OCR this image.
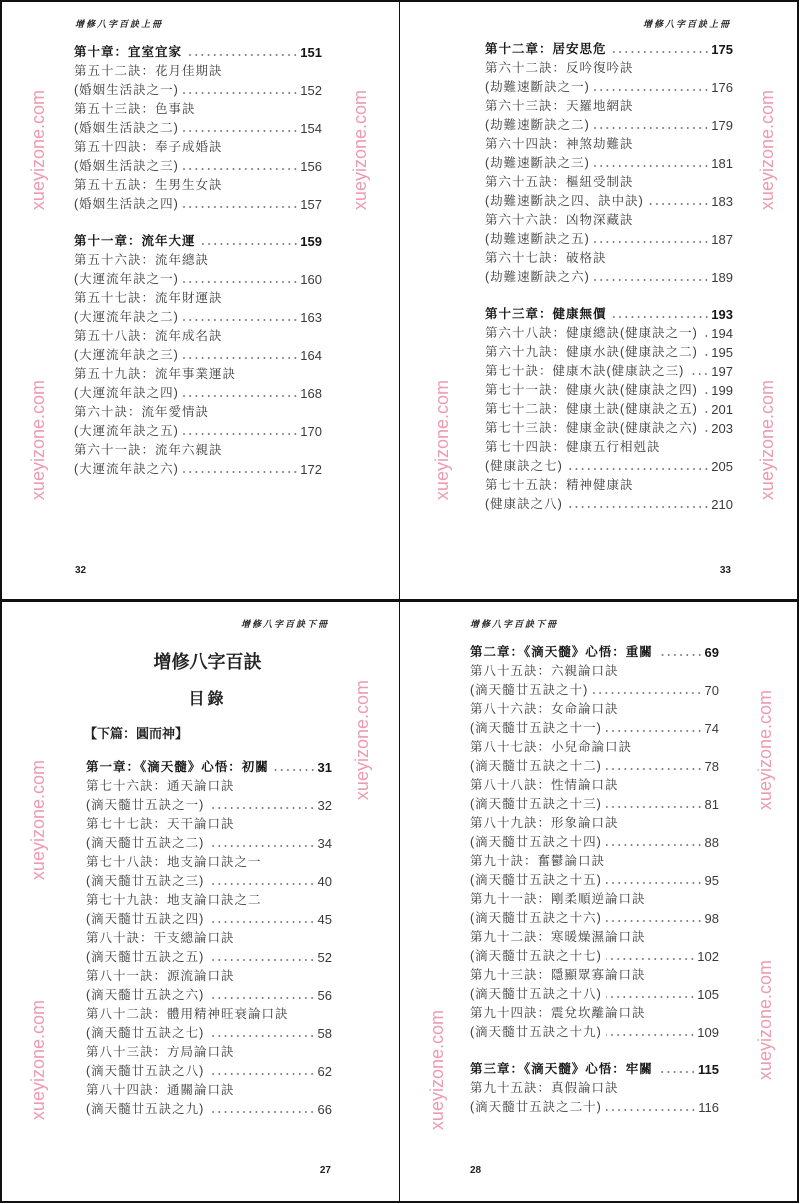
增修八字百訣上冊
第十章：宜室宜家	151
第五十二訣：花月佳期訣
(婚姻生活訣之一)	152
第五十三訣：色事訣
(婚姻生活訣之二)	154
第五十四訣：奉子成婚訣
(婚姻生活訣之三)	156
第五十五訣：生男生女訣
(婚姻生活訣之四)	157
第十一章：流年大運	159
第五十六訣：流年總訣
(大運流年訣之一)	160
第五十七訣：流年財運訣
(大運流年訣之二)	163
第五十八訣：流年成名訣
(大運流年訣之三)	164
第五十九訣：流年事業運訣
(大運流年訣之四)	168
第六十訣：流年愛情訣
(大運流年訣之五)	170
第六十一訣：流年六親訣
(大運流年訣之六)	172
32
增修八字百訣上冊
第十二章：居安思危	175
第六十二訣：反吟復吟訣
(劫難速斷訣之一)	176
第六十三訣：天羅地網訣
(劫難速斷訣之二)	179
第六十四訣：神煞劫難訣
(劫難速斷訣之三)	181
第六十五訣：樞紐受制訣
(劫難速斷訣之四、訣中訣)	183
第六十六訣：凶物深藏訣
(劫難速斷訣之五)	187
第六十七訣：破格訣
(劫難速斷訣之六)	189
第十三章：健康無價	193
第六十八訣：健康總訣(健康訣之一) 194
第六十九訣：健康水訣(健康訣之二) 195
第七十訣：健康木訣(健康訣之三) 197
第七十一訣：健康火訣(健康訣之四) 199
第七十二訣：健康土訣(健康訣之五) 201
第七十三訣：健康金訣(健康訣之六) 203
第七十四訣：健康五行相剋訣
(健康訣之七)	205
第七十五訣：精神健康訣
(健康訣之八)	210
33
增修八字百訣下冊
增修八字百訣
目錄
【下篇：圓而神】
第一章：《滴天髓》心悟：初關	31
第七十六訣：通天論口訣
(滴天髓廿五訣之一)	32
第七十七訣：天干論口訣
(滴天髓廿五訣之二)	34
第七十八訣：地支論口訣之一
(滴天髓廿五訣之三)	40
第七十九訣：地支論口訣之二
(滴天髓廿五訣之四)	45
第八十訣：干支總論口訣
(滴天髓廿五訣之五)	52
第八十一訣：源流論口訣
(滴天髓廿五訣之六)	56
第八十二訣：體用精神旺衰論口訣
(滴天髓廿五訣之七)	58
第八十三訣：方局論口訣
(滴天髓廿五訣之八)	62
第八十四訣：通關論口訣
(滴天髓廿五訣之九)	66
27
增修八字百訣下冊
第二章：《滴天髓》心悟：重關	69
第八十五訣：六親論口訣
(滴天髓廿五訣之十)	70
第八十六訣：女命論口訣
(滴天髓廿五訣之十一)	74
第八十七訣：小兒命論口訣
(滴天髓廿五訣之十二)	78
第八十八訣：性情論口訣
(滴天髓廿五訣之十三)	81
第八十九訣：形象論口訣
(滴天髓廿五訣之十四)	88
第九十訣：奮鬱論口訣
(滴天髓廿五訣之十五)	95
第九十一訣：剛柔順逆論口訣
(滴天髓廿五訣之十六)	98
第九十二訣：寒暖燥濕論口訣
(滴天髓廿五訣之十七)	102
第九十三訣：隱顯眾寡論口訣
(滴天髓廿五訣之十八)	105
第九十四訣：震兌坎離論口訣
(滴天髓廿五訣之十九)	109
第三章：《滴天髓》心悟：牢關	115
第九十五訣：真假論口訣
(滴天髓廿五訣之二十)	116
28
xueyizone.com
xueyizone.com
xueyizone.com
xueyizone.com
xueyizone.com
xueyizone.com
xueyizone.com
xueyizone.com
xueyizone.com
xueyizone.com
xueyizone.com
xueyizone.com
